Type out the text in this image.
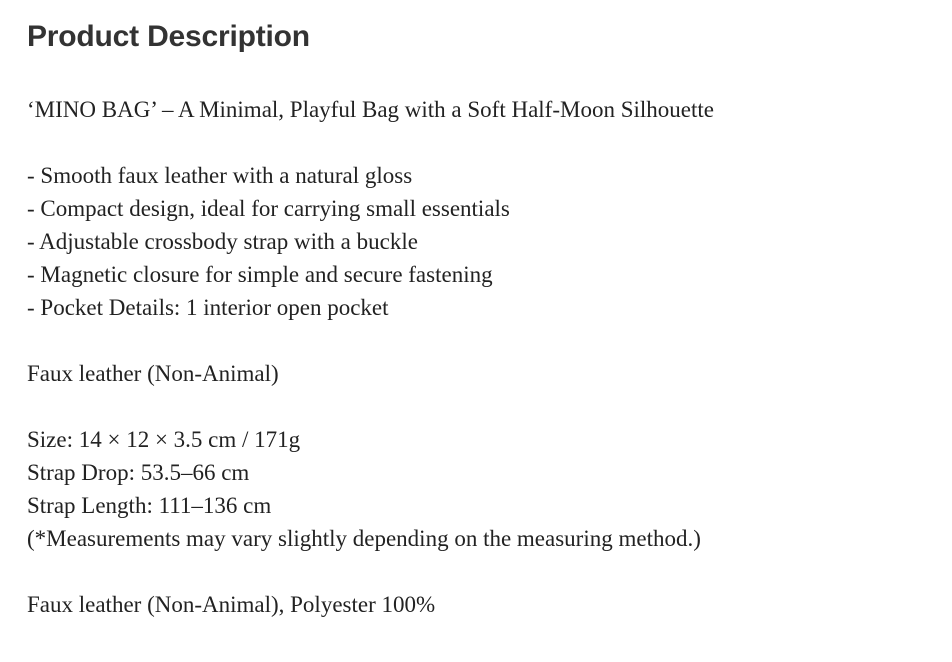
Product Description

‘MINO BAG’ – A Minimal, Playful Bag with a Soft Half-Moon Silhouette

- Smooth faux leather with a natural gloss

- Compact design, ideal for carrying small essentials

- Adjustable crossbody strap with a buckle

- Magnetic closure for simple and secure fastening

- Pocket Details: 1 interior open pocket

Faux leather (Non-Animal)

Size: 14 × 12 × 3.5 cm / 171g

Strap Drop: 53.5–66 cm

Strap Length: 111–136 cm

(*Measurements may vary slightly depending on the measuring method.)

Faux leather (Non-Animal), Polyester 100%
